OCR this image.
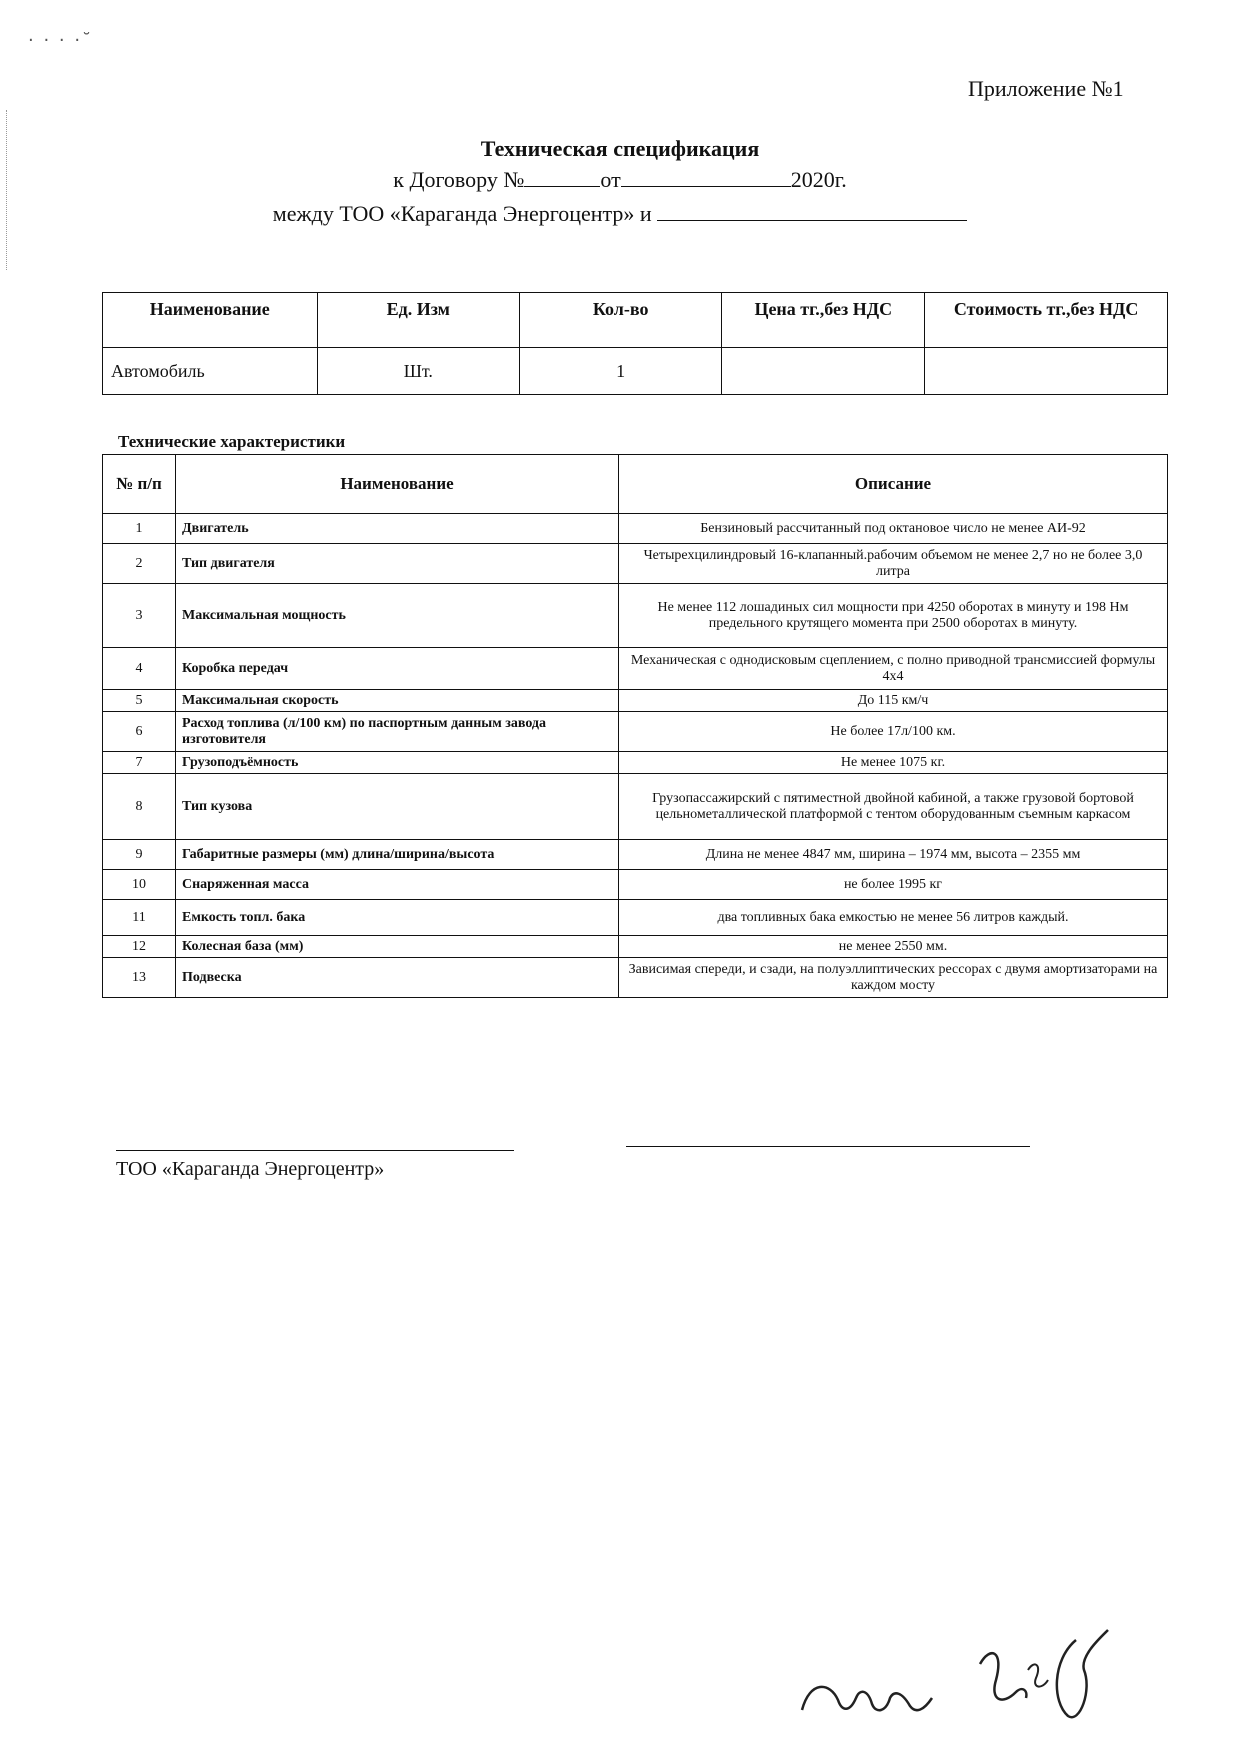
· · · ·˘
Приложение №1
Техническая спецификация
к Договору №	от	2020г.
между ТОО «Караганда Энергоцентр» и
Наименование	Ед. Изм	Кол-во	Цена тг.,без НДС	Стоимость тг.,без НДС
Автомобиль	Шт.	1		
Технические характеристики
№ п/п	Наименование	Описание
1	Двигатель	Бензиновый рассчитанный под октановое число не менее АИ-92
2	Тип двигателя	Четырехцилиндровый 16-клапанный.рабочим объемом не менее 2,7 но не более 3,0 литра
3	Максимальная мощность	Не менее 112 лошадиных сил мощности при 4250 оборотах в минуту и 198 Нм предельного крутящего момента при 2500 оборотах в минуту.
4	Коробка передач	Механическая с однодисковым сцеплением, с полно приводной трансмиссией формулы 4х4
5	Максимальная скорость	До 115 км/ч
6	Расход топлива (л/100 км) по паспортным данным завода изготовителя	Не более 17л/100 км.
7	Грузоподъёмность	Не менее 1075 кг.
8	Тип кузова	Грузопассажирский с пятиместной двойной кабиной, а также грузовой бортовой цельнометаллической платформой с тентом оборудованным съемным каркасом
9	Габаритные размеры (мм) длина/ширина/высота	Длина не менее 4847 мм, ширина – 1974 мм, высота – 2355 мм
10	Снаряженная масса	не более 1995 кг
11	Емкость топл. бака	два топливных бака емкостью не менее 56 литров каждый.
12	Колесная база (мм)	не менее 2550 мм.
13	Подвеска	Зависимая спереди, и сзади, на полуэллиптических рессорах с двумя амортизаторами на каждом мосту
ТОО «Караганда Энергоцентр»
